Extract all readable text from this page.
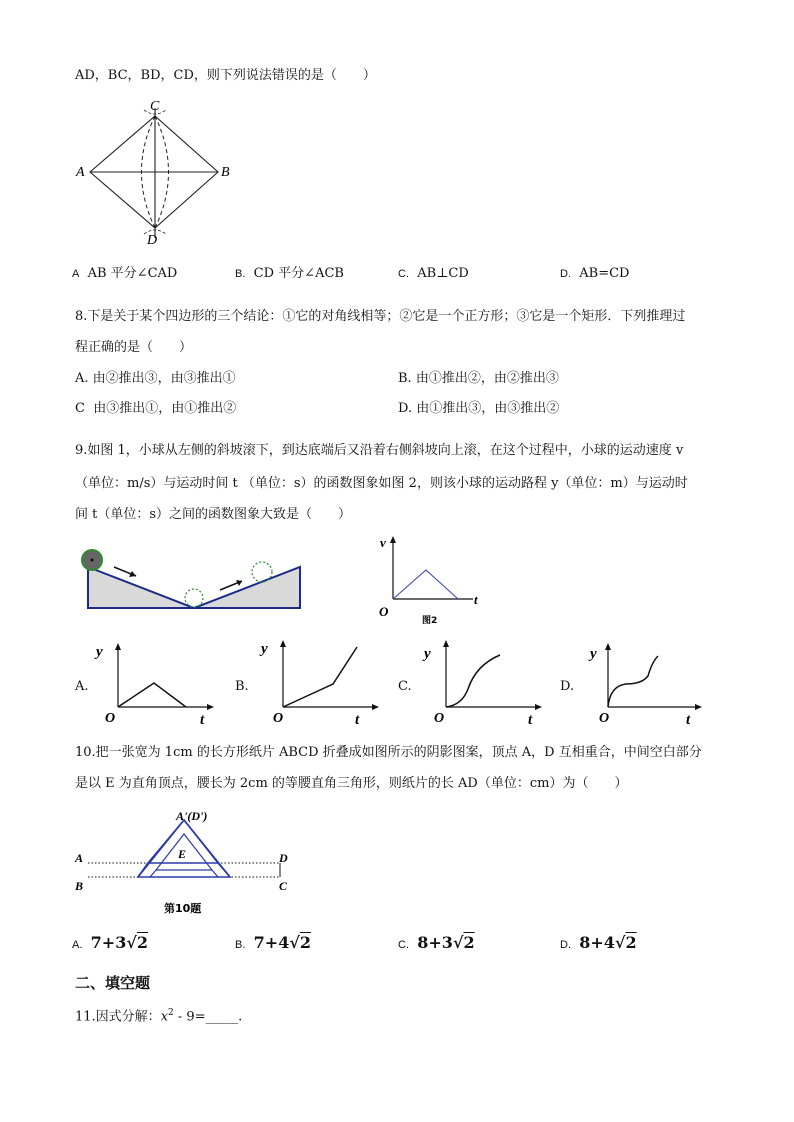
AD，BC，BD，CD，则下列说法错误的是（　　）
C
A	B
D
A AB 平分∠CAD	B. CD 平分∠ACB	C. AB⊥CD	D. AB=CD
8.下是关于某个四边形的三个结论：①它的对角线相等；②它是一个正方形；③它是一个矩形．下列推理过
程正确的是（　　）
A. 由②推出③，由③推出①	B. 由①推出②，由②推出③
C 由③推出①，由①推出②	D. 由①推出③，由③推出②
9.如图 1，小球从左侧的斜坡滚下，到达底端后又沿着右侧斜坡向上滚，在这个过程中，小球的运动速度 v
（单位：m/s）与运动时间 t （单位：s）的函数图象如图 2，则该小球的运动路程 y（单位：m）与运动时
间 t（单位：s）之间的函数图象大致是（　　）
v
t
O
图2
A.
y
t
O
B.
y
t
O
C.
y
t
O
D.
y
t
O
10.把一张宽为 1cm 的长方形纸片 ABCD 折叠成如图所示的阴影图案，顶点 A，D 互相重合，中间空白部分
是以 E 为直角顶点，腰长为 2cm 的等腰直角三角形，则纸片的长 AD（单位：cm）为（　　）
A'(D')
E
A
B
D
C
第10题
A. 7+3√2	B. 7+4√2	C. 8+3√2	D. 8+4√2
二、填空题
11.因式分解：$x^2$ - 9=_____.
